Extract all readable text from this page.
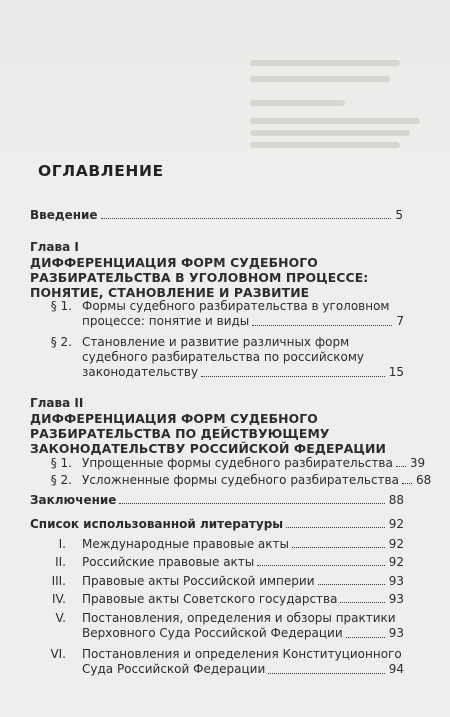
ОГЛАВЛЕНИЕ
Введение	5
Глава I
ДИФФЕРЕНЦИАЦИЯ ФОРМ СУДЕБНОГО
РАЗБИРАТЕЛЬСТВА В УГОЛОВНОМ ПРОЦЕССЕ:
ПОНЯТИЕ, СТАНОВЛЕНИЕ И РАЗВИТИЕ
§ 1. Формы судебного разбирательства в уголовном
процессе: понятие и виды	7
§ 2. Становление и развитие различных форм
судебного разбирательства по российскому
законодательству	15
Глава II
ДИФФЕРЕНЦИАЦИЯ ФОРМ СУДЕБНОГО
РАЗБИРАТЕЛЬСТВА ПО ДЕЙСТВУЮЩЕМУ
ЗАКОНОДАТЕЛЬСТВУ РОССИЙСКОЙ ФЕДЕРАЦИИ
§ 1. Упрощенные формы судебного разбирательства 39
§ 2. Усложненные формы судебного разбирательства 68
Заключение	88
Список использованной литературы	92
I. Международные правовые акты	92
II. Российские правовые акты	92
III. Правовые акты Российской империи	93
IV. Правовые акты Советского государства	93
V. Постановления, определения и обзоры практики
Верховного Суда Российской Федерации	93
VI. Постановления и определения Конституционного
Суда Российской Федерации	94
